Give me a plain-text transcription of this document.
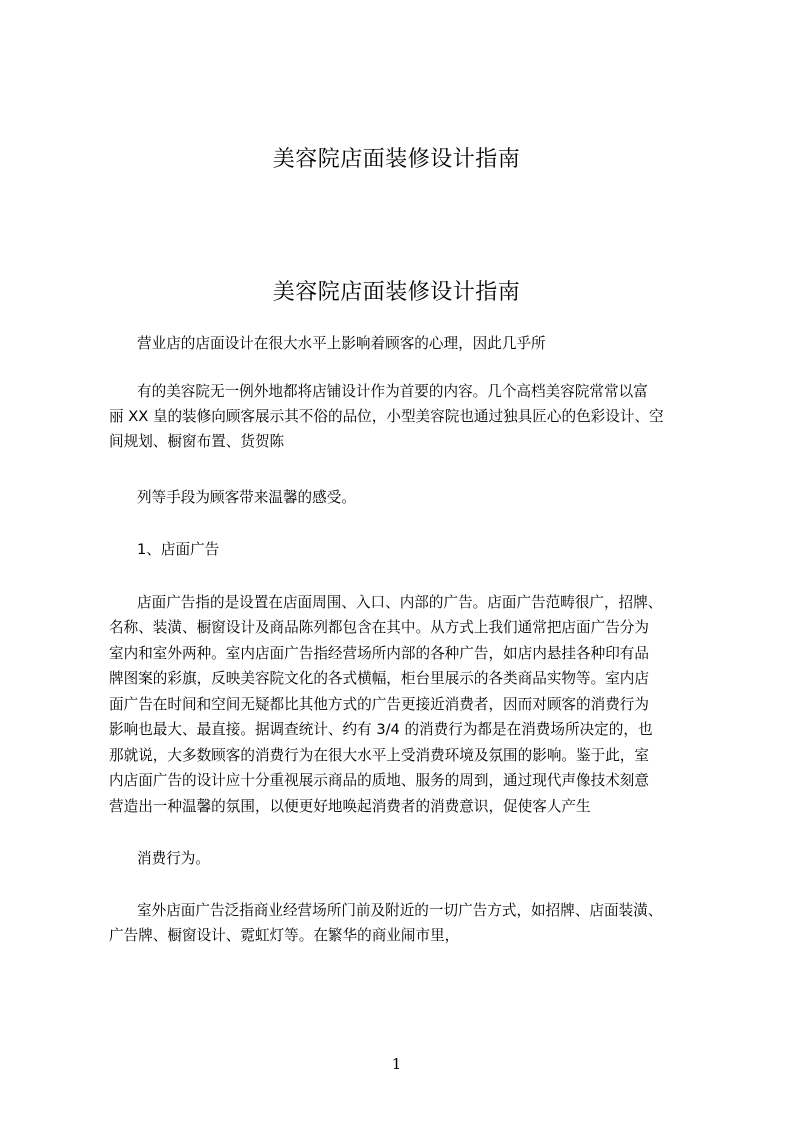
美容院店面装修设计指南
美容院店面装修设计指南
营业店的店面设计在很大水平上影响着顾客的心理，因此几乎所
有的美容院无一例外地都将店铺设计作为首要的内容。几个高档美容院常常以富
丽 XX 皇的装修向顾客展示其不俗的品位，小型美容院也通过独具匠心的色彩设计、空
间规划、橱窗布置、货贺陈
列等手段为顾客带来温馨的感受。
1、店面广告
店面广告指的是设置在店面周围、入口、内部的广告。店面广告范畴很广，招牌、
名称、装潢、橱窗设计及商品陈列都包含在其中。从方式上我们通常把店面广告分为
室内和室外两种。室内店面广告指经营场所内部的各种广告，如店内悬挂各种印有品
牌图案的彩旗，反映美容院文化的各式横幅，柜台里展示的各类商品实物等。室内店
面广告在时间和空间无疑都比其他方式的广告更接近消费者，因而对顾客的消费行为
影响也最大、最直接。据调查统计、约有 3/4 的消费行为都是在消费场所决定的，也
那就说，大多数顾客的消费行为在很大水平上受消费环境及氛围的影响。鉴于此，室
内店面广告的设计应十分重视展示商品的质地、服务的周到，通过现代声像技术刻意
营造出一种温馨的氛围，以便更好地唤起消费者的消费意识，促使客人产生
消费行为。
室外店面广告泛指商业经营场所门前及附近的一切广告方式，如招牌、店面装潢、
广告牌、橱窗设计、霓虹灯等。在繁华的商业闹市里，
1
